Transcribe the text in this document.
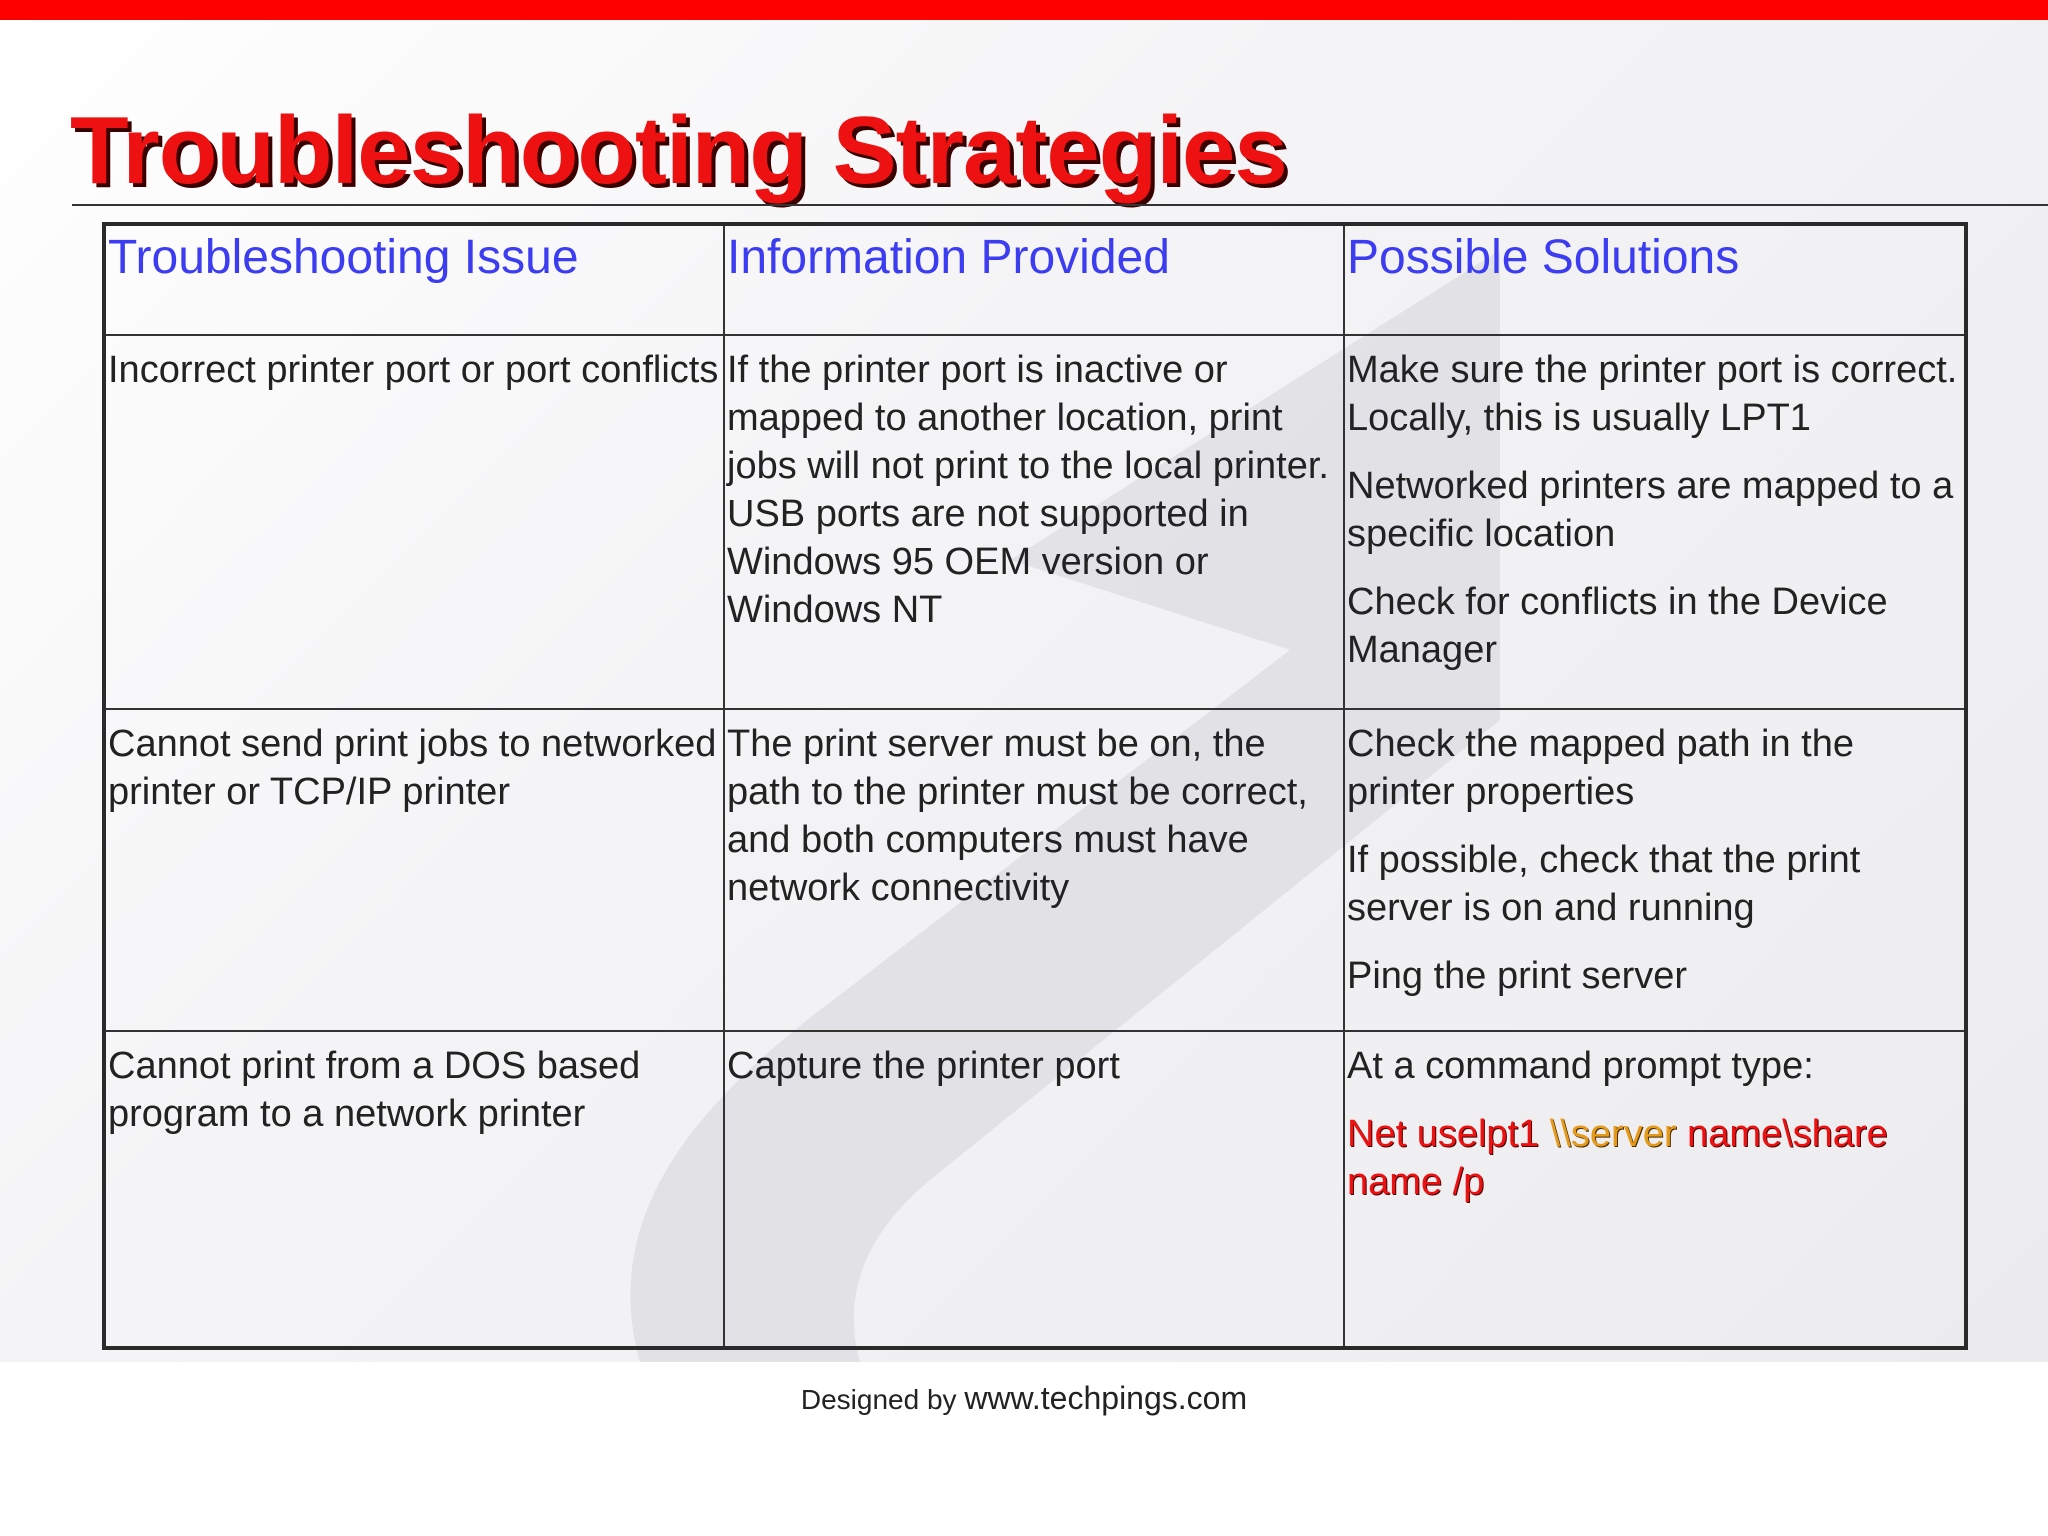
Troubleshooting Strategies
Troubleshooting Issue	Information Provided	Possible Solutions
Incorrect printer port or port conflicts	If the printer port is inactive or mapped to another location, print jobs will not print to the local printer. USB ports are not supported in Windows 95 OEM version or Windows NT	Make sure the printer port is correct. Locally, this is usually LPT1

Networked printers are mapped to a specific location

Check for conflicts in the Device Manager

Cannot send print jobs to networked printer or TCP/IP printer	The print server must be on, the path to the printer must be correct, and both computers must have network connectivity	Check the mapped path in the printer properties

If possible, check that the print server is on and running

Ping the print server

Cannot print from a DOS based program to a network printer	Capture the printer port	At a command prompt type:

Net uselpt1 \\server name\share name /p

Designed by www.techpings.com
